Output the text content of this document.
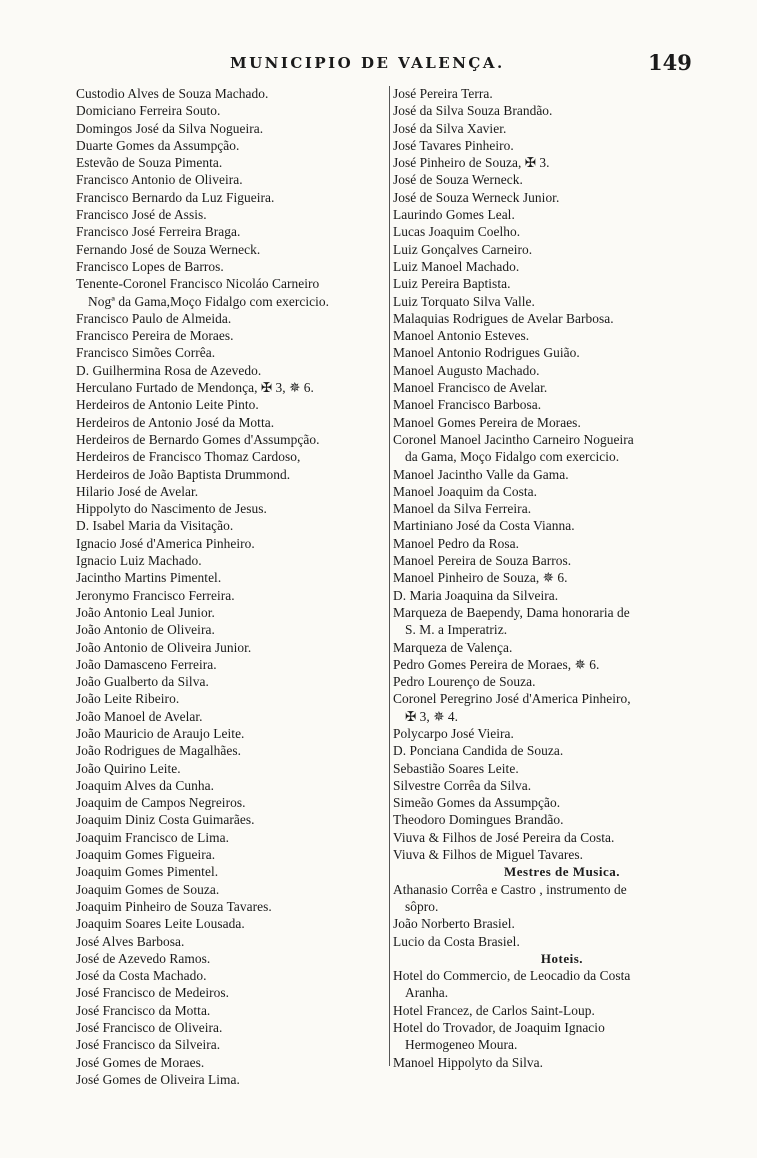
MUNICIPIO DE VALENÇA.	149
Custodio Alves de Souza Machado.
Domiciano Ferreira Souto.
Domingos José da Silva Nogueira.
Duarte Gomes da Assumpção.
Estevão de Souza Pimenta.
Francisco Antonio de Oliveira.
Francisco Bernardo da Luz Figueira.
Francisco José de Assis.
Francisco José Ferreira Braga.
Fernando José de Souza Werneck.
Francisco Lopes de Barros.
Tenente-Coronel Francisco Nicoláo Carneiro
Nogª da Gama,Moço Fidalgo com exercicio.
Francisco Paulo de Almeida.
Francisco Pereira de Moraes.
Francisco Simões Corrêa.
D. Guilhermina Rosa de Azevedo.
Herculano Furtado de Mendonça, ✠ 3, ✵ 6.
Herdeiros de Antonio Leite Pinto.
Herdeiros de Antonio José da Motta.
Herdeiros de Bernardo Gomes d'Assumpção.
Herdeiros de Francisco Thomaz Cardoso,
Herdeiros de João Baptista Drummond.
Hilario José de Avelar.
Hippolyto do Nascimento de Jesus.
D. Isabel Maria da Visitação.
Ignacio José d'America Pinheiro.
Ignacio Luiz Machado.
Jacintho Martins Pimentel.
Jeronymo Francisco Ferreira.
João Antonio Leal Junior.
João Antonio de Oliveira.
João Antonio de Oliveira Junior.
João Damasceno Ferreira.
João Gualberto da Silva.
João Leite Ribeiro.
João Manoel de Avelar.
João Mauricio de Araujo Leite.
João Rodrigues de Magalhães.
João Quirino Leite.
Joaquim Alves da Cunha.
Joaquim de Campos Negreiros.
Joaquim Diniz Costa Guimarães.
Joaquim Francisco de Lima.
Joaquim Gomes Figueira.
Joaquim Gomes Pimentel.
Joaquim Gomes de Souza.
Joaquim Pinheiro de Souza Tavares.
Joaquim Soares Leite Lousada.
José Alves Barbosa.
José de Azevedo Ramos.
José da Costa Machado.
José Francisco de Medeiros.
José Francisco da Motta.
José Francisco de Oliveira.
José Francisco da Silveira.
José Gomes de Moraes.
José Gomes de Oliveira Lima.
José Pereira Terra.
José da Silva Souza Brandão.
José da Silva Xavier.
José Tavares Pinheiro.
José Pinheiro de Souza, ✠ 3.
José de Souza Werneck.
José de Souza Werneck Junior.
Laurindo Gomes Leal.
Lucas Joaquim Coelho.
Luiz Gonçalves Carneiro.
Luiz Manoel Machado.
Luiz Pereira Baptista.
Luiz Torquato Silva Valle.
Malaquias Rodrigues de Avelar Barbosa.
Manoel Antonio Esteves.
Manoel Antonio Rodrigues Guião.
Manoel Augusto Machado.
Manoel Francisco de Avelar.
Manoel Francisco Barbosa.
Manoel Gomes Pereira de Moraes.
Coronel Manoel Jacintho Carneiro Nogueira
da Gama, Moço Fidalgo com exercicio.
Manoel Jacintho Valle da Gama.
Manoel Joaquim da Costa.
Manoel da Silva Ferreira.
Martiniano José da Costa Vianna.
Manoel Pedro da Rosa.
Manoel Pereira de Souza Barros.
Manoel Pinheiro de Souza, ✵ 6.
D. Maria Joaquina da Silveira.
Marqueza de Baependy, Dama honoraria de
S. M. a Imperatriz.
Marqueza de Valença.
Pedro Gomes Pereira de Moraes, ✵ 6.
Pedro Lourenço de Souza.
Coronel Peregrino José d'America Pinheiro,
✠ 3, ✵ 4.
Polycarpo José Vieira.
D. Ponciana Candida de Souza.
Sebastião Soares Leite.
Silvestre Corrêa da Silva.
Simeão Gomes da Assumpção.
Theodoro Domingues Brandão.
Viuva & Filhos de José Pereira da Costa.
Viuva & Filhos de Miguel Tavares.
Mestres de Musica.
Athanasio Corrêa e Castro , instrumento de
sôpro.
João Norberto Brasiel.
Lucio da Costa Brasiel.
Hoteis.
Hotel do Commercio, de Leocadio da Costa
Aranha.
Hotel Francez, de Carlos Saint-Loup.
Hotel do Trovador, de Joaquim Ignacio
Hermogeneo Moura.
Manoel Hippolyto da Silva.
